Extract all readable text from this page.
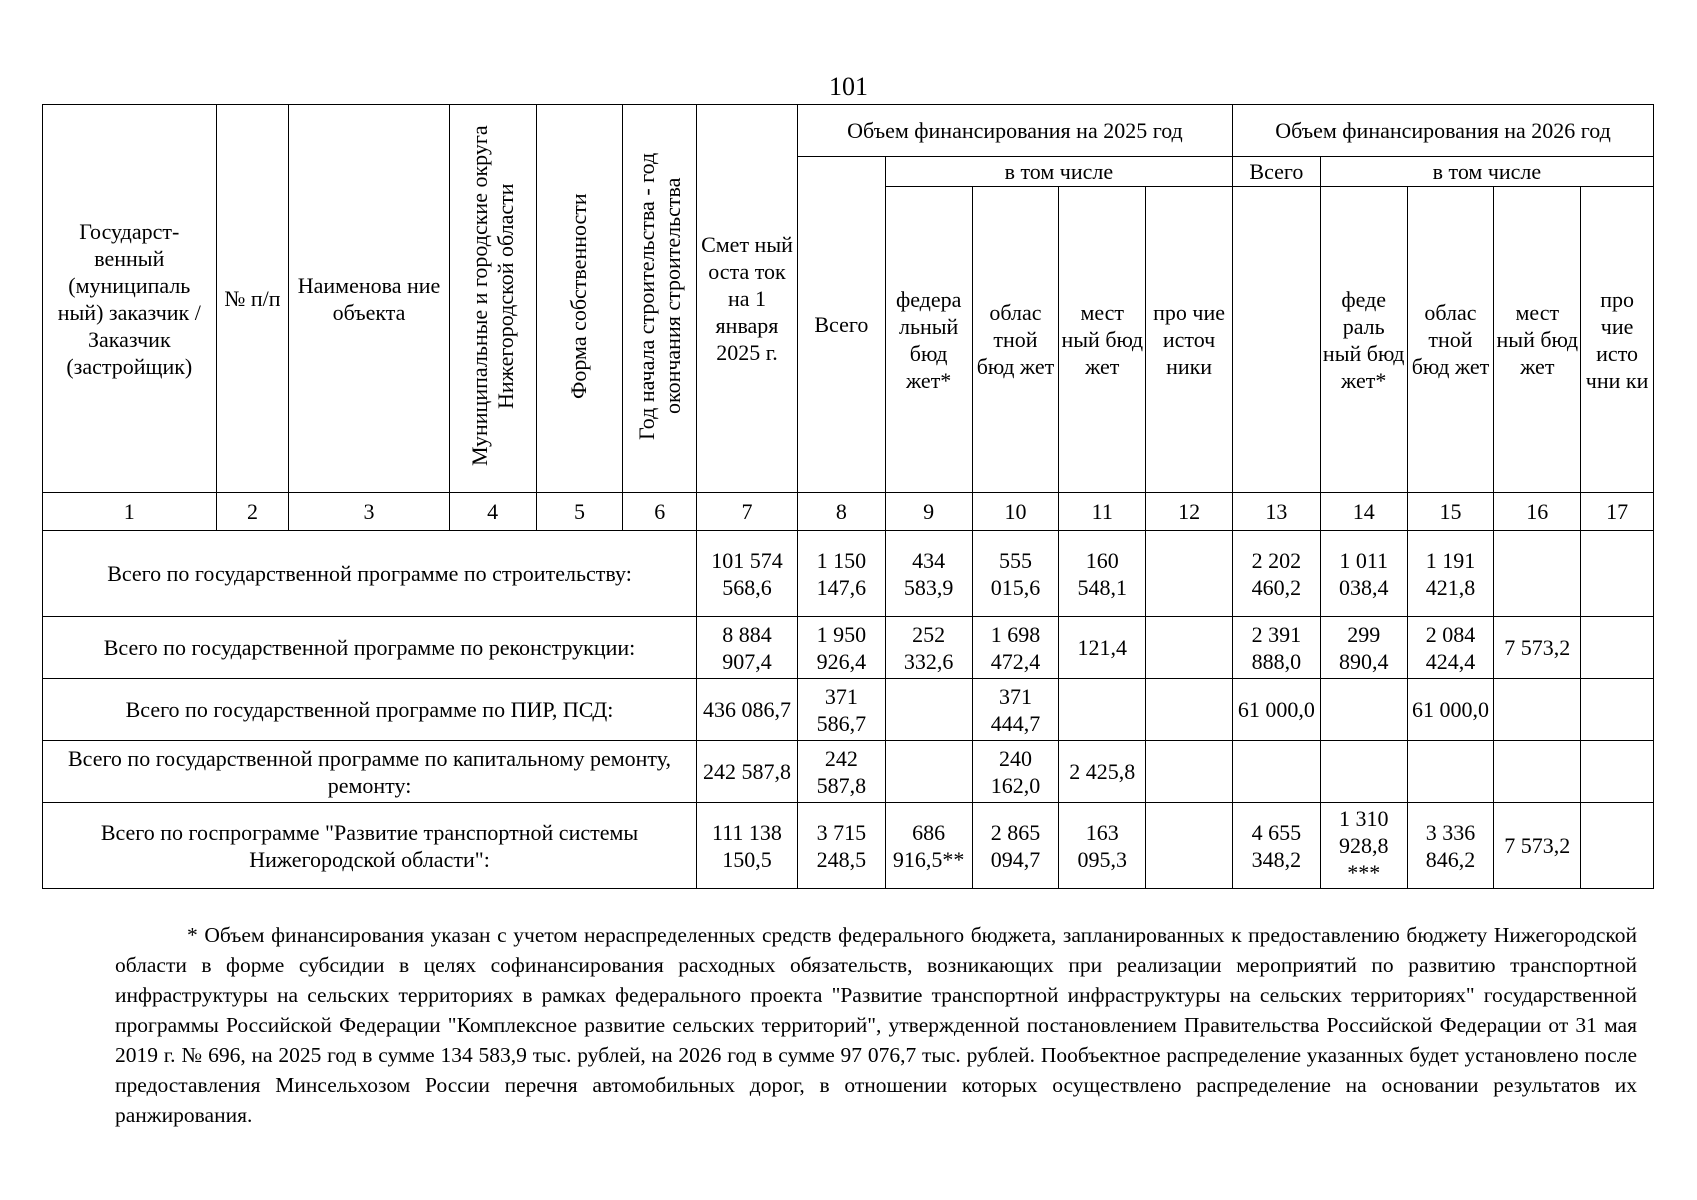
101
Государст-венный (муниципаль ный) заказчик / Заказчик (застройщик)	№ п/п	Наименова ние объекта	Муниципальные и городские округа Нижегородской области	Форма собственности	Год начала строительства - год окончания строительства	Смет ный оста ток на 1 января 2025 г.	Объем финансирования на 2025 год					Объем финансирования на 2026 год				
							Всего	в том числе				Всего	в том числе			
								федера льный бюд жет*	облас тной бюд жет	мест ный бюд жет	про чие источ ники		феде раль ный бюд жет*	облас тной бюд жет	мест ный бюд жет	про чие исто чни ки
1	2	3	4	5	6	7	8	9	10	11	12	13	14	15	16	17
Всего по государственной программе по строительству:						101 574 568,6	1 150 147,6	434 583,9	555 015,6	160 548,1		2 202 460,2	1 011 038,4	1 191 421,8		
Всего по государственной программе по реконструкции:						8 884 907,4	1 950 926,4	252 332,6	1 698 472,4	121,4		2 391 888,0	299 890,4	2 084 424,4	7 573,2	
Всего по государственной программе по ПИР, ПСД:						436 086,7	371 586,7		371 444,7			61 000,0		61 000,0		
Всего по государственной программе по капитальному ремонту, ремонту:						242 587,8	242 587,8		240 162,0	2 425,8						
Всего по госпрограмме "Развитие транспортной системы Нижегородской области":						111 138 150,5	3 715 248,5	686 916,5**	2 865 094,7	163 095,3		4 655 348,2	1 310 928,8 ***	3 336 846,2	7 573,2	
* Объем финансирования указан с учетом нераспределенных средств федерального бюджета, запланированных к предоставлению бюджету Нижегородской области в форме субсидии в целях софинансирования расходных обязательств, возникающих при реализации мероприятий по развитию транспортной инфраструктуры на сельских территориях в рамках федерального проекта "Развитие транспортной инфраструктуры на сельских территориях" государственной программы Российской Федерации "Комплексное развитие сельских территорий", утвержденной постановлением Правительства Российской Федерации от 31 мая 2019 г. № 696, на 2025 год в сумме 134 583,9 тыс. рублей, на 2026 год в сумме 97 076,7 тыс. рублей. Пообъектное распределение указанных будет установлено после предоставления Минсельхозом России перечня автомобильных дорог, в отношении которых осуществлено распределение на основании результатов их ранжирования.
